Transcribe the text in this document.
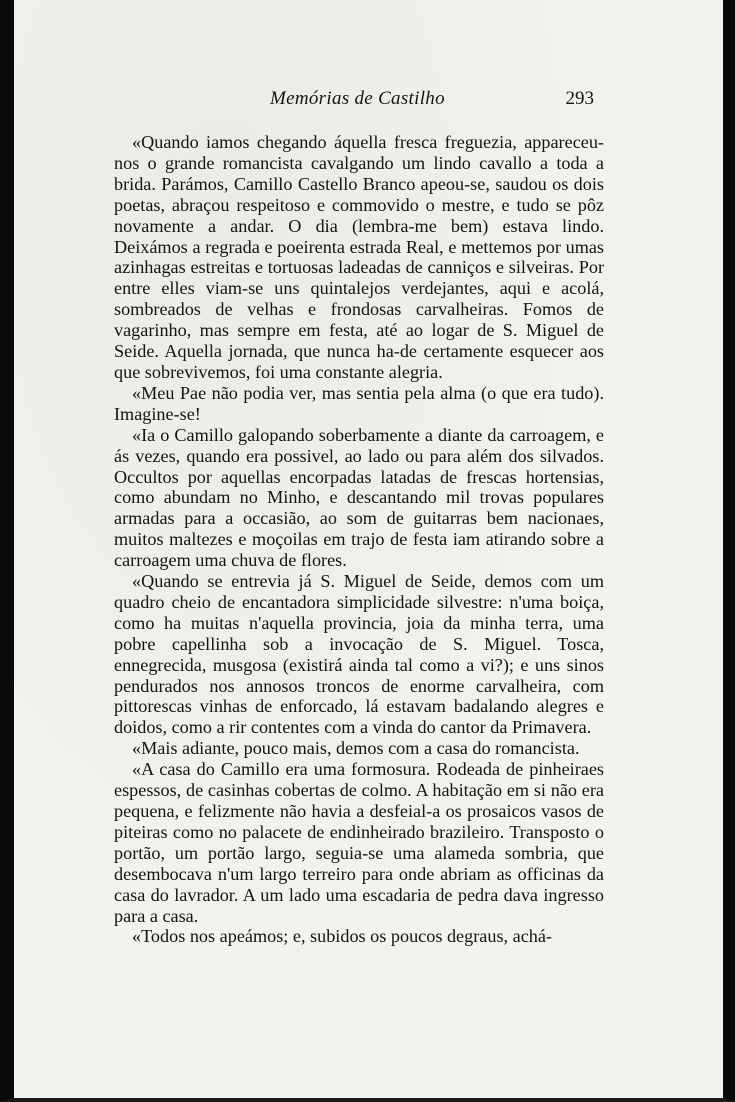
Memórias de Castilho	293

«Quando iamos chegando áquella fresca freguezia, appareceu-nos o grande romancista cavalgando um lindo cavallo a toda a brida. Parámos, Camillo Castello Branco apeou-se, saudou os dois poetas, abraçou respeitoso e commovido o mestre, e tudo se pôz novamente a andar. O dia (lembra-me bem) estava lindo. Deixámos a regrada e poeirenta estrada Real, e mettemos por umas azinhagas estreitas e tortuosas ladeadas de canniços e silveiras. Por entre elles viam-se uns quintalejos verdejantes, aqui e acolá, sombreados de velhas e frondosas carvalheiras. Fomos de vagarinho, mas sempre em festa, até ao logar de S. Miguel de Seide. Aquella jornada, que nunca ha-de certamente esquecer aos que sobrevivemos, foi uma constante alegria.

«Meu Pae não podia ver, mas sentia pela alma (o que era tudo). Imagine-se!

«Ia o Camillo galopando soberbamente a diante da carroagem, e ás vezes, quando era possivel, ao lado ou para além dos silvados. Occultos por aquellas encorpadas latadas de frescas hortensias, como abundam no Minho, e descantando mil trovas populares armadas para a occasião, ao som de guitarras bem nacionaes, muitos maltezes e moçoilas em trajo de festa iam atirando sobre a carroagem uma chuva de flores.

«Quando se entrevia já S. Miguel de Seide, demos com um quadro cheio de encantadora simplicidade silvestre: n'uma boiça, como ha muitas n'aquella provincia, joia da minha terra, uma pobre capellinha sob a invocação de S. Miguel. Tosca, ennegrecida, musgosa (existirá ainda tal como a vi?); e uns sinos pendurados nos annosos troncos de enorme carvalheira, com pittorescas vinhas de enforcado, lá estavam badalando alegres e doidos, como a rir contentes com a vinda do cantor da Primavera.

«Mais adiante, pouco mais, demos com a casa do romancista.

«A casa do Camillo era uma formosura. Rodeada de pinheiraes espessos, de casinhas cobertas de colmo. A habitação em si não era pequena, e felizmente não havia a desfeial-a os prosaicos vasos de piteiras como no palacete de endinheirado brazileiro. Transposto o portão, um portão largo, seguia-se uma alameda sombria, que desembocava n'um largo terreiro para onde abriam as officinas da casa do lavrador. A um lado uma escadaria de pedra dava ingresso para a casa.

«Todos nos apeámos; e, subidos os poucos degraus, achá-
